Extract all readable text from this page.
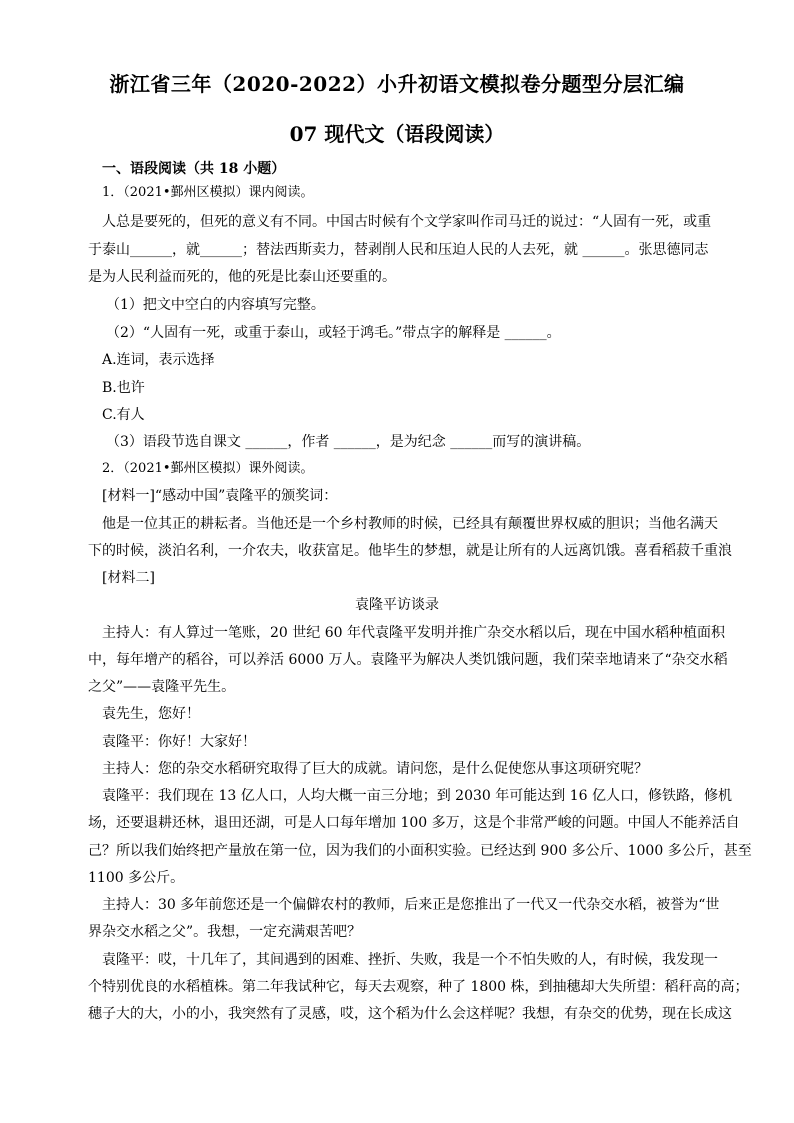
浙江省三年（2020-2022）小升初语文模拟卷分题型分层汇编
07 现代文（语段阅读）
一、语段阅读（共 18 小题）
1．（2021•鄞州区模拟）课内阅读。
人总是要死的，但死的意义有不同。中国古时候有个文学家叫作司马迁的说过：“人固有一死，或重
于泰山______，就______；替法西斯卖力，替剥削人民和压迫人民的人去死，就 ______。张思德同志
是为人民利益而死的，他的死是比泰山还要重的。
（1）把文中空白的内容填写完整。
（2）“人固有一死，或重于泰山，或轻于鸿毛。”带点字的解释是 ______。
A.连词，表示选择
B.也许
C.有人
（3）语段节选自课文 ______，作者 ______，是为纪念 ______而写的演讲稿。
2．（2021•鄞州区模拟）课外阅读。
[材料一]“感动中国”袁隆平的颁奖词：
他是一位其正的耕耘者。当他还是一个乡村教师的时候，已经具有颠覆世界权威的胆识；当他名满天
下的时候，淡泊名利，一介农夫，收获富足。他毕生的梦想，就是让所有的人远离饥饿。喜看稻菽千重浪
[材料二]
袁隆平访谈录
主持人：有人算过一笔账，20 世纪 60 年代袁隆平发明并推广杂交水稻以后，现在中国水稻种植面积
中，每年增产的稻谷，可以养活 6000 万人。袁隆平为解决人类饥饿问题，我们荣幸地请来了“杂交水稻
之父”——袁隆平先生。
袁先生，您好！
袁隆平：你好！大家好！
主持人：您的杂交水稻研究取得了巨大的成就。请问您，是什么促使您从事这项研究呢？
袁隆平：我们现在 13 亿人口，人均大概一亩三分地；到 2030 年可能达到 16 亿人口，修铁路，修机
场，还要退耕还林，退田还湖，可是人口每年增加 100 多万，这是个非常严峻的问题。中国人不能养活自
己？所以我们始终把产量放在第一位，因为我们的小面积实验。已经达到 900 多公斤、1000 多公斤，甚至
1100 多公斤。
主持人：30 多年前您还是一个偏僻农村的教师，后来正是您推出了一代又一代杂交水稻，被誉为“世
界杂交水稻之父”。我想，一定充满艰苦吧？
袁隆平：哎，十几年了，其间遇到的困难、挫折、失败，我是一个不怕失败的人，有时候，我发现一
个特别优良的水稻植株。第二年我试种它，每天去观察，种了 1800 株，到抽穗却大失所望：稻秆高的高；
穗子大的大，小的小，我突然有了灵感，哎，这个稻为什么会这样呢？我想，有杂交的优势，现在长成这
